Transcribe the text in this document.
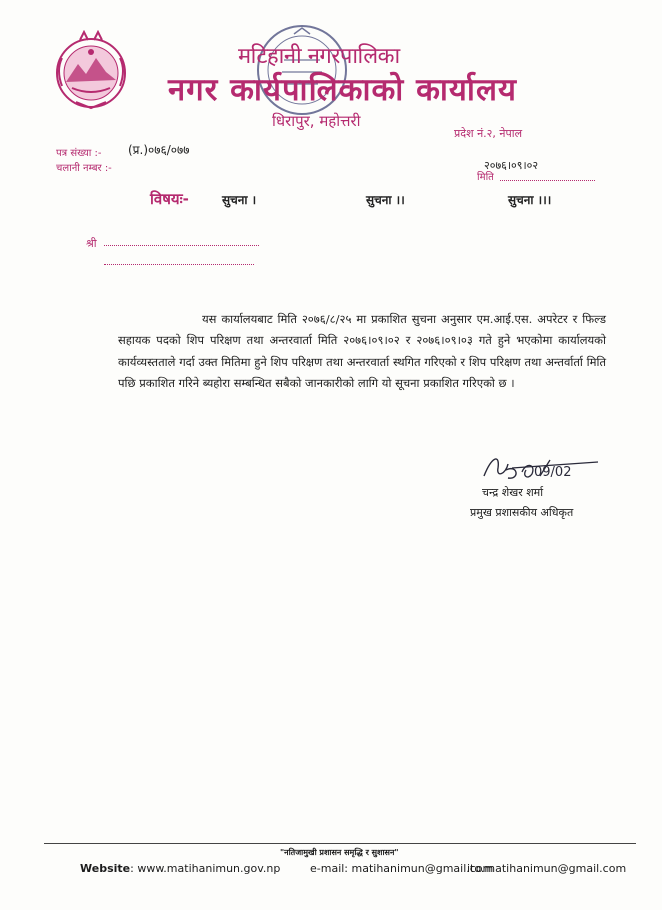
मटिहानी नगरपालिका
नगर कार्यपालिकाको कार्यालय
धिरापुर, महोत्तरी
प्रदेश नं.२, नेपाल
पत्र संख्या :- (प्र.)०७६/०७७
चलानी नम्बर :-	२०७६।०९।०२
मिति
विषयः-	सुचना ।	सुचना ।।	सुचना ।।।
श्री
यस कार्यालयबाट मिति २०७६/८/२५ मा प्रकाशित सुचना अनुसार एम.आई.एस. अपरेटर र फिल्ड सहायक पदको शिप परिक्षण तथा अन्तरवार्ता मिति २०७६।०९।०२ र २०७६।०९।०३ गते हुने भएकोमा कार्यालयको कार्यव्यस्तताले गर्दा उक्त मितिमा हुने शिप परिक्षण तथा अन्तरवार्ता स्थगित गरिएको र शिप परिक्षण तथा अन्तर्वार्ता मिति पछि प्रकाशित गरिने ब्यहोरा सम्बन्धित सबैको जानकारीको लागि यो सूचना प्रकाशित गरिएको छ ।
09/02
चन्द्र शेखर शर्मा
प्रमुख प्रशासकीय अधिकृत
"नतिजामुखी प्रशासन समृद्धि र सुशासन"
Website: www.matihanimun.gov.np	e-mail: matihanimun@gmail.com
ito.matihanimun@gmail.com
